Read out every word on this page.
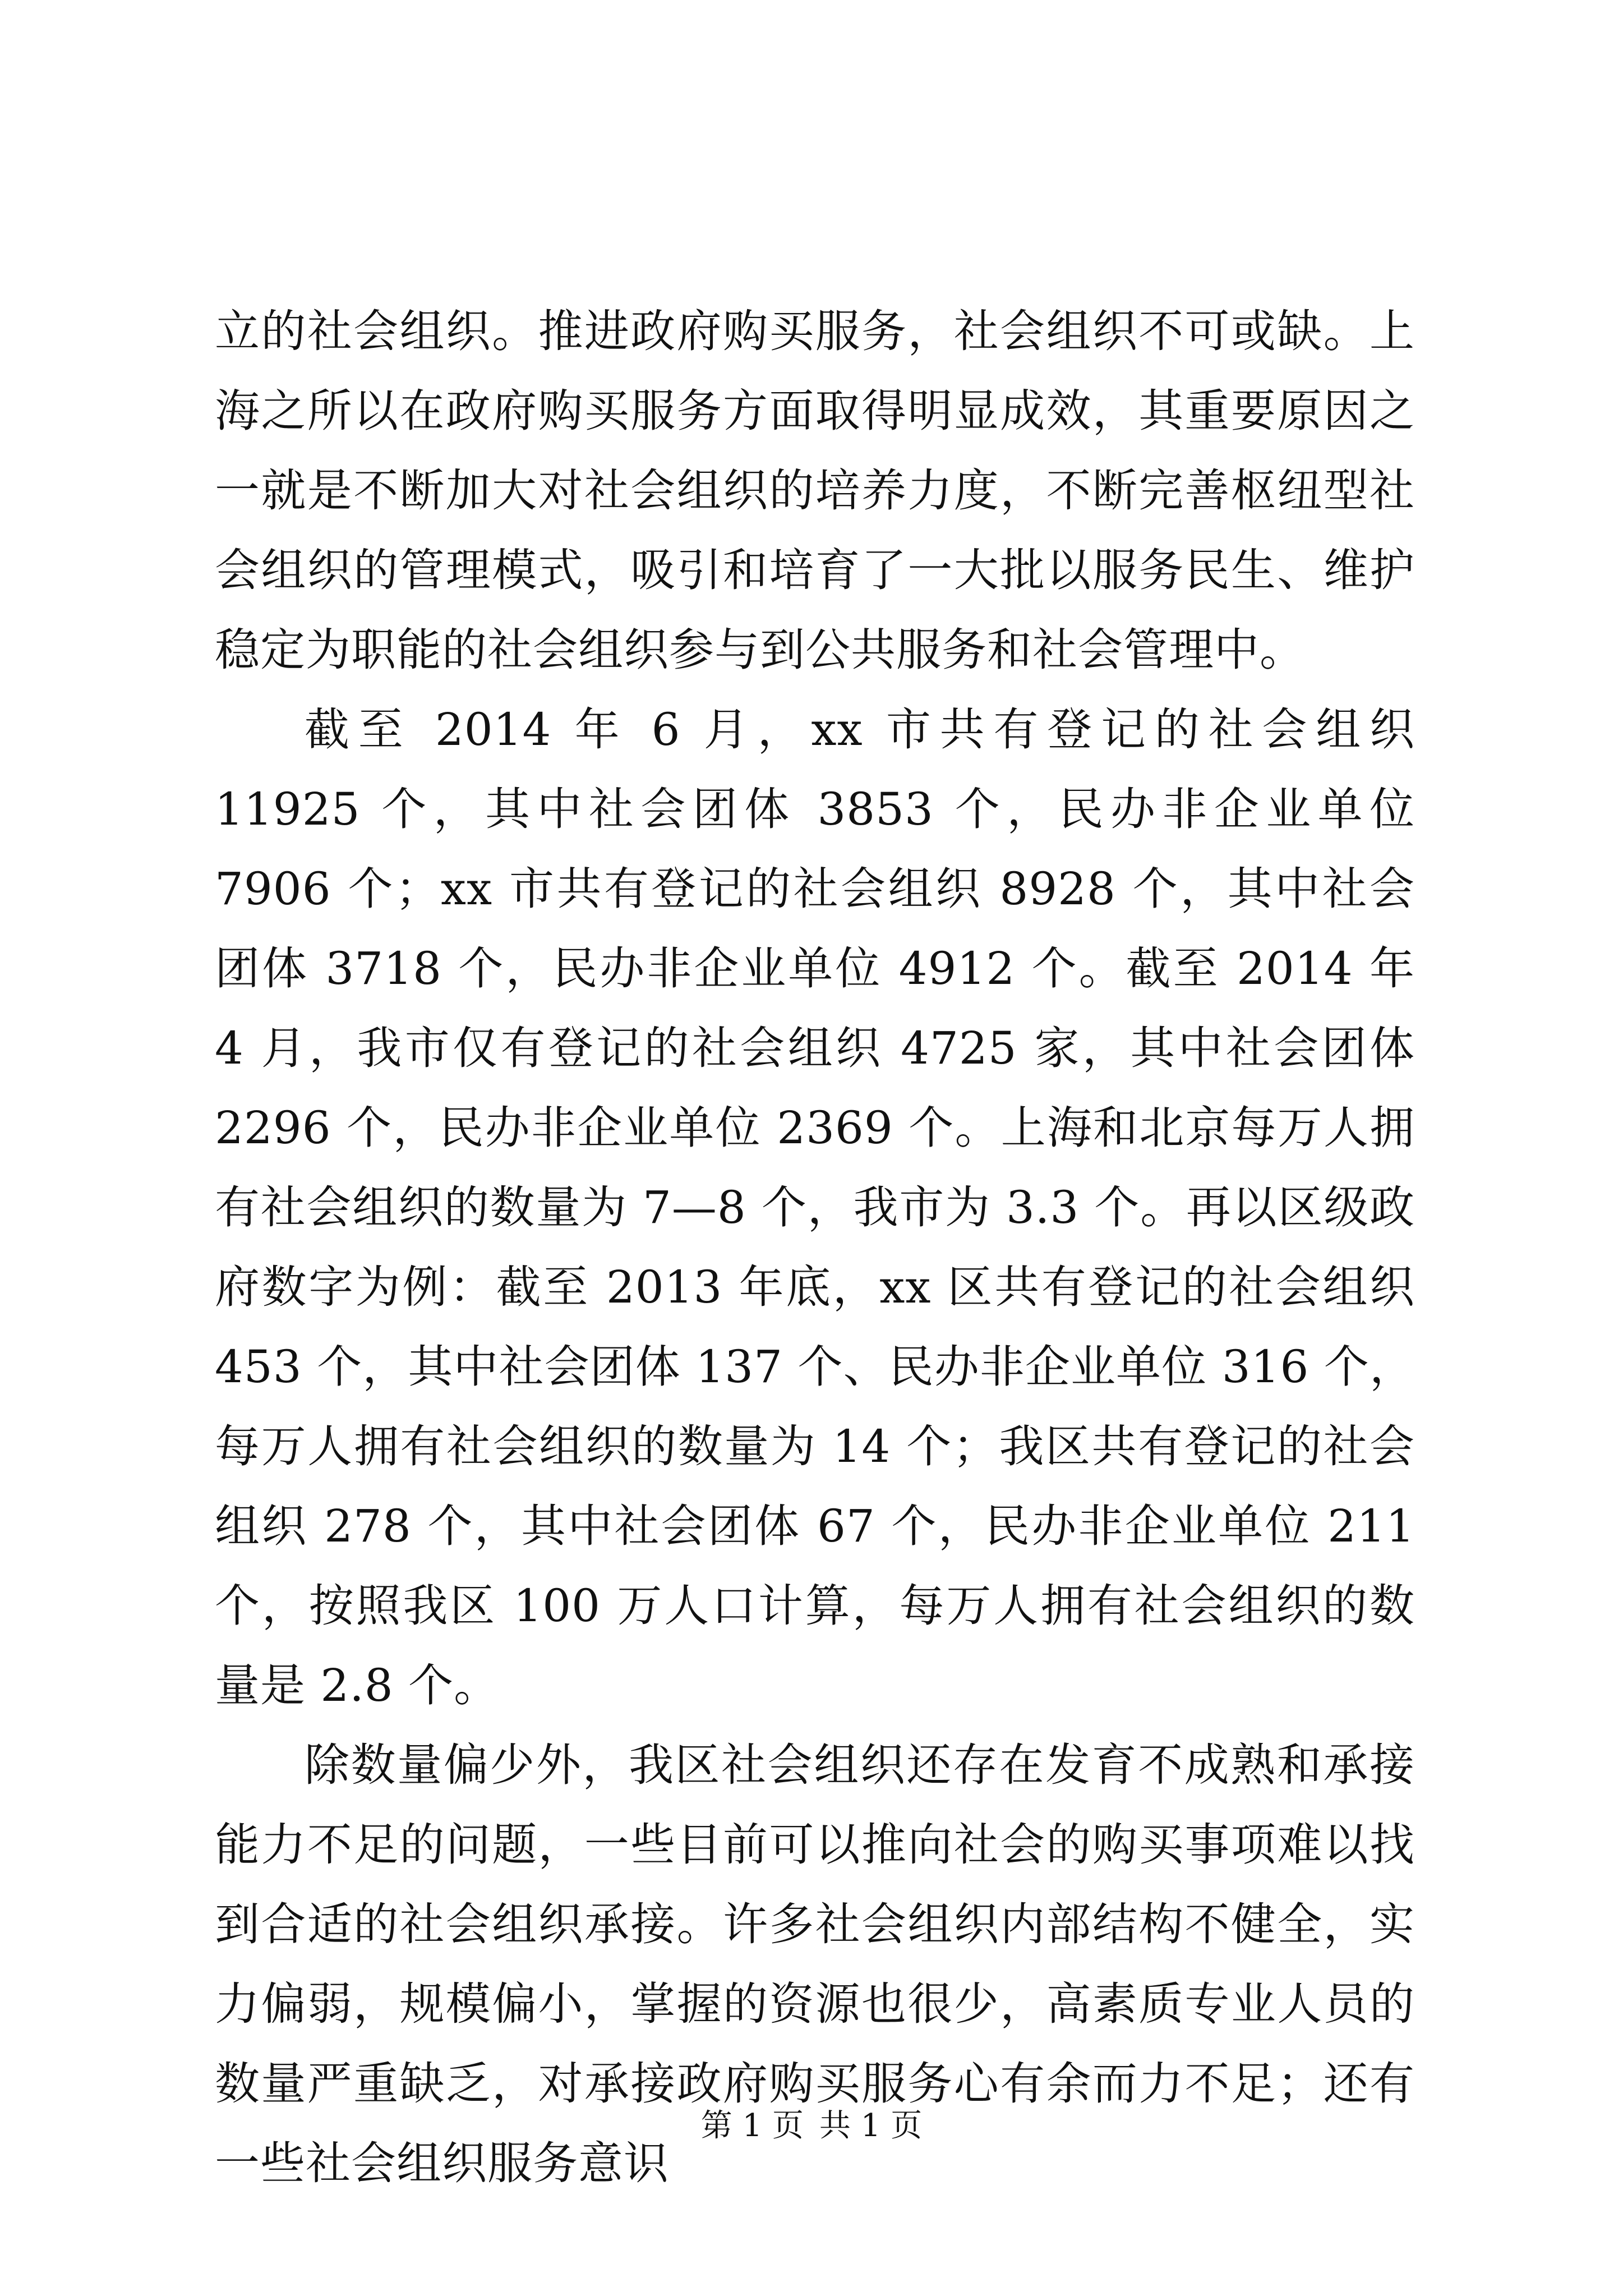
立的社会组织。推进政府购买服务，社会组织不可或缺。上海之所以在政府购买服务方面取得明显成效，其重要原因之一就是不断加大对社会组织的培养力度，不断完善枢纽型社会组织的管理模式，吸引和培育了一大批以服务民生、维护稳定为职能的社会组织参与到公共服务和社会管理中。

截至 2014 年 6 月，xx 市共有登记的社会组织 11925 个，其中社会团体 3853 个，民办非企业单位 7906 个；xx 市共有登记的社会组织 8928 个，其中社会团体 3718 个，民办非企业单位 4912 个。截至 2014 年 4 月，我市仅有登记的社会组织 4725 家，其中社会团体 2296 个，民办非企业单位 2369 个。上海和北京每万人拥有社会组织的数量为 7—8 个，我市为 3.3 个。再以区级政府数字为例：截至 2013 年底，xx 区共有登记的社会组织 453 个，其中社会团体 137 个、民办非企业单位 316 个，每万人拥有社会组织的数量为 14 个；我区共有登记的社会组织 278 个，其中社会团体 67 个，民办非企业单位 211 个，按照我区 100 万人口计算，每万人拥有社会组织的数量是 2.8 个。

除数量偏少外，我区社会组织还存在发育不成熟和承接能力不足的问题，一些目前可以推向社会的购买事项难以找到合适的社会组织承接。许多社会组织内部结构不健全，实力偏弱，规模偏小，掌握的资源也很少，高素质专业人员的数量严重缺乏，对承接政府购买服务心有余而力不足；还有一些社会组织服务意识

第 1 页 共 1 页
